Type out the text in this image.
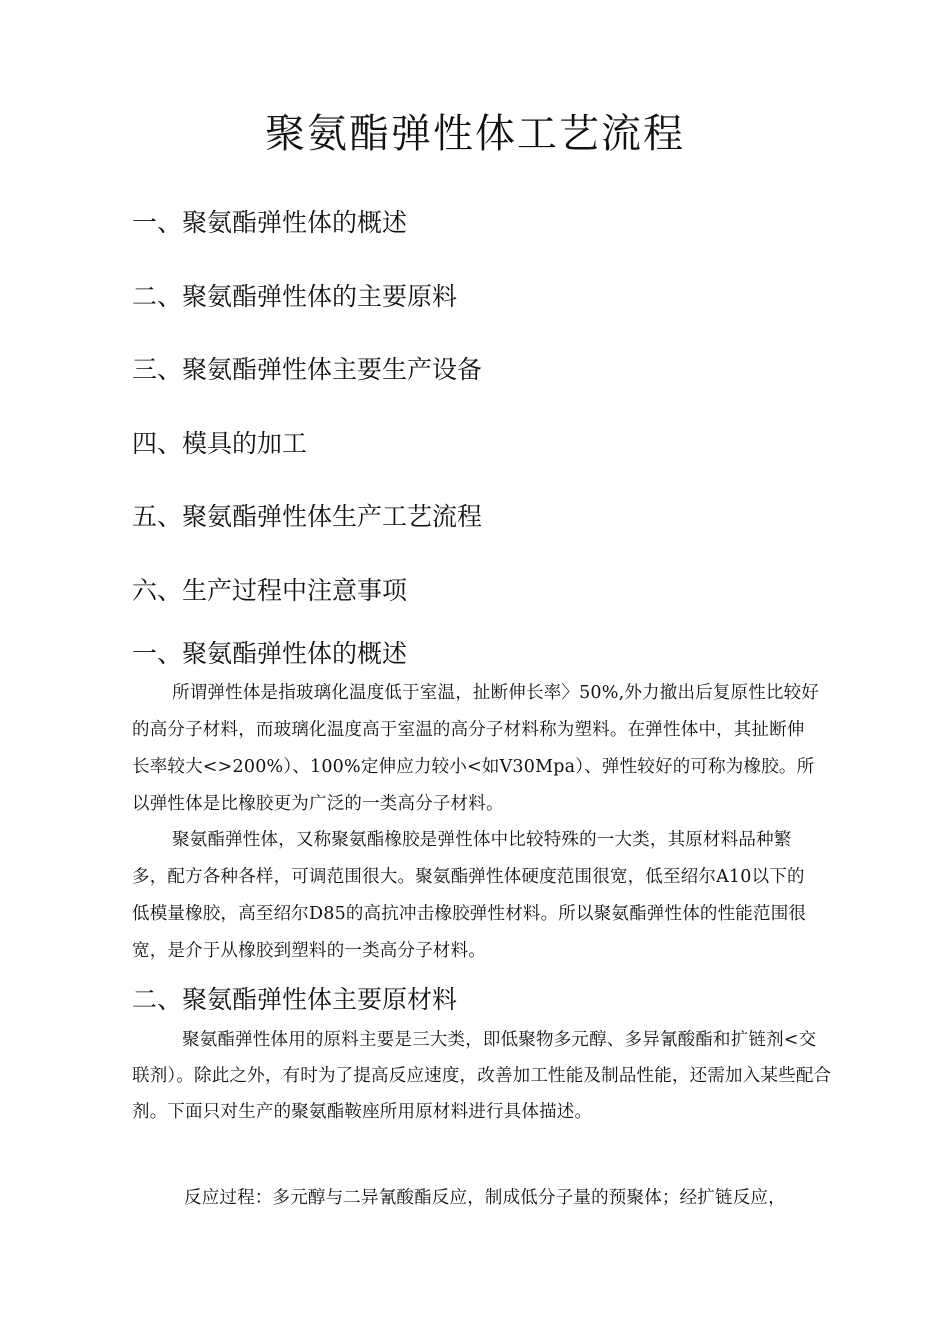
聚氨酯弹性体工艺流程
一、聚氨酯弹性体的概述
二、聚氨酯弹性体的主要原料
三、聚氨酯弹性体主要生产设备
四、模具的加工
五、聚氨酯弹性体生产工艺流程
六、生产过程中注意事项
一、聚氨酯弹性体的概述

所谓弹性体是指玻璃化温度低于室温，扯断伸长率〉50%,外力撤出后复原性比较好的高分子材料，而玻璃化温度高于室温的高分子材料称为塑料。在弹性体中，其扯断伸长率较大<>200%）、100%定伸应力较小<如V30Mpa）、弹性较好的可称为橡胶。所以弹性体是比橡胶更为广泛的一类高分子材料。

聚氨酯弹性体，又称聚氨酯橡胶是弹性体中比较特殊的一大类，其原材料品种繁多，配方各种各样，可调范围很大。聚氨酯弹性体硬度范围很宽，低至绍尔A10以下的低模量橡胶，高至绍尔D85的高抗冲击橡胶弹性材料。所以聚氨酯弹性体的性能范围很宽，是介于从橡胶到塑料的一类高分子材料。

二、聚氨酯弹性体主要原材料

聚氨酯弹性体用的原料主要是三大类，即低聚物多元醇、多异氰酸酯和扩链剂<交联剂）。除此之外，有时为了提高反应速度，改善加工性能及制品性能，还需加入某些配合剂。下面只对生产的聚氨酯鞍座所用原材料进行具体描述。

反应过程：多元醇与二异氰酸酯反应，制成低分子量的预聚体；经扩链反应，
